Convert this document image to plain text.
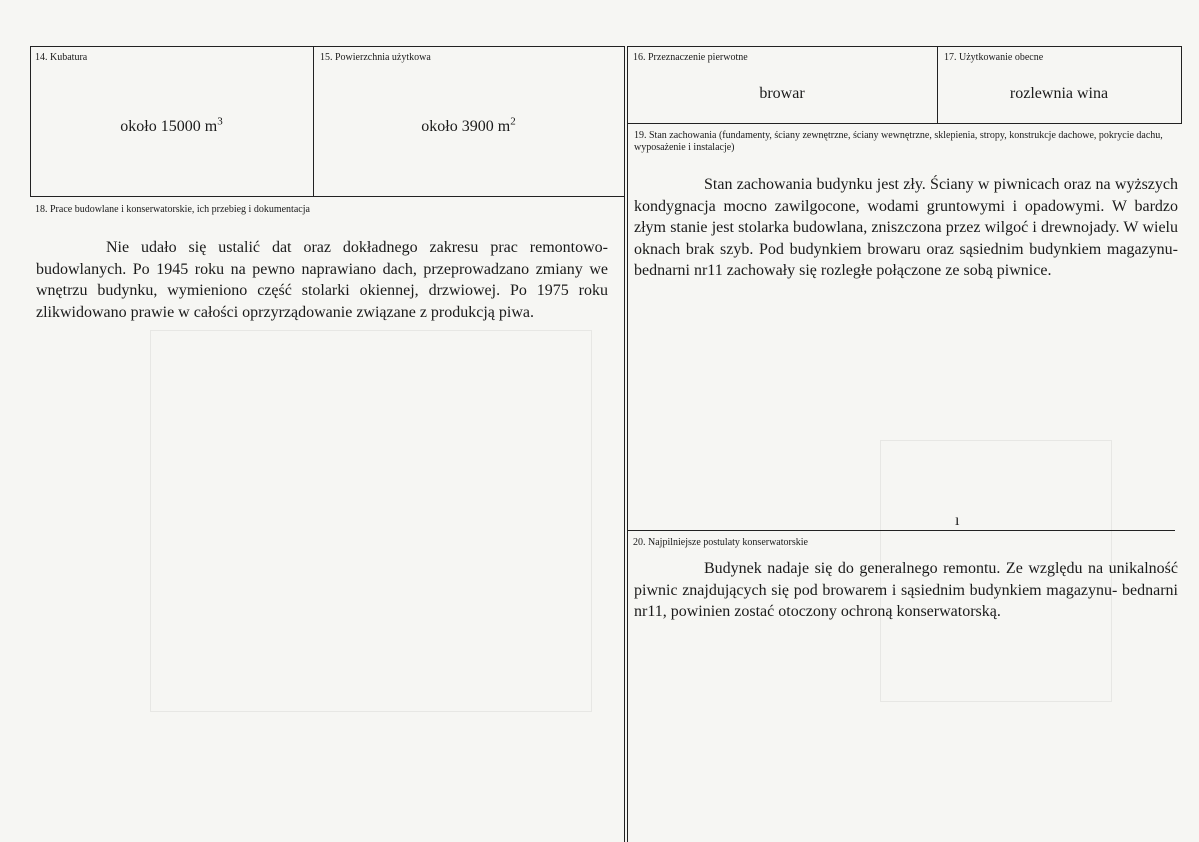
14. Kubatura
około 15000 $m^3$
15. Powierzchnia użytkowa
około 3900 $m^2$
16. Przeznaczenie pierwotne
browar
17. Użytkowanie obecne
rozlewnia wina
18. Prace budowlane i konserwatorskie, ich przebieg i dokumentacja
Nie udało się ustalić dat oraz dokładnego zakresu prac remontowo-budowlanych. Po 1945 roku na pewno naprawiano dach, przeprowadzano zmiany we wnętrzu budynku, wymieniono część stolarki okiennej, drzwiowej. Po 1975 roku zlikwidowano prawie w całości oprzyrządowanie związane z produkcją piwa.
19. Stan zachowania (fundamenty, ściany zewnętrzne, ściany wewnętrzne, sklepienia, stropy, konstrukcje dachowe, pokrycie dachu, wyposażenie i instalacje)
Stan zachowania budynku jest zły. Ściany w piwnicach oraz na wyższych kondygnacja mocno zawilgocone, wodami gruntowymi i opadowymi. W bardzo złym stanie jest stolarka budowlana, zniszczona przez wilgoć i drewnojady. W wielu oknach brak szyb. Pod budynkiem browaru oraz sąsiednim budynkiem magazynu-bednarni nr11 zachowały się rozległe połączone ze sobą piwnice.
ı
20. Najpilniejsze postulaty konserwatorskie
Budynek nadaje się do generalnego remontu. Ze względu na unikalność piwnic znajdujących się pod browarem i sąsiednim budynkiem magazynu- bednarni nr11, powinien zostać otoczony ochroną konserwatorską.
